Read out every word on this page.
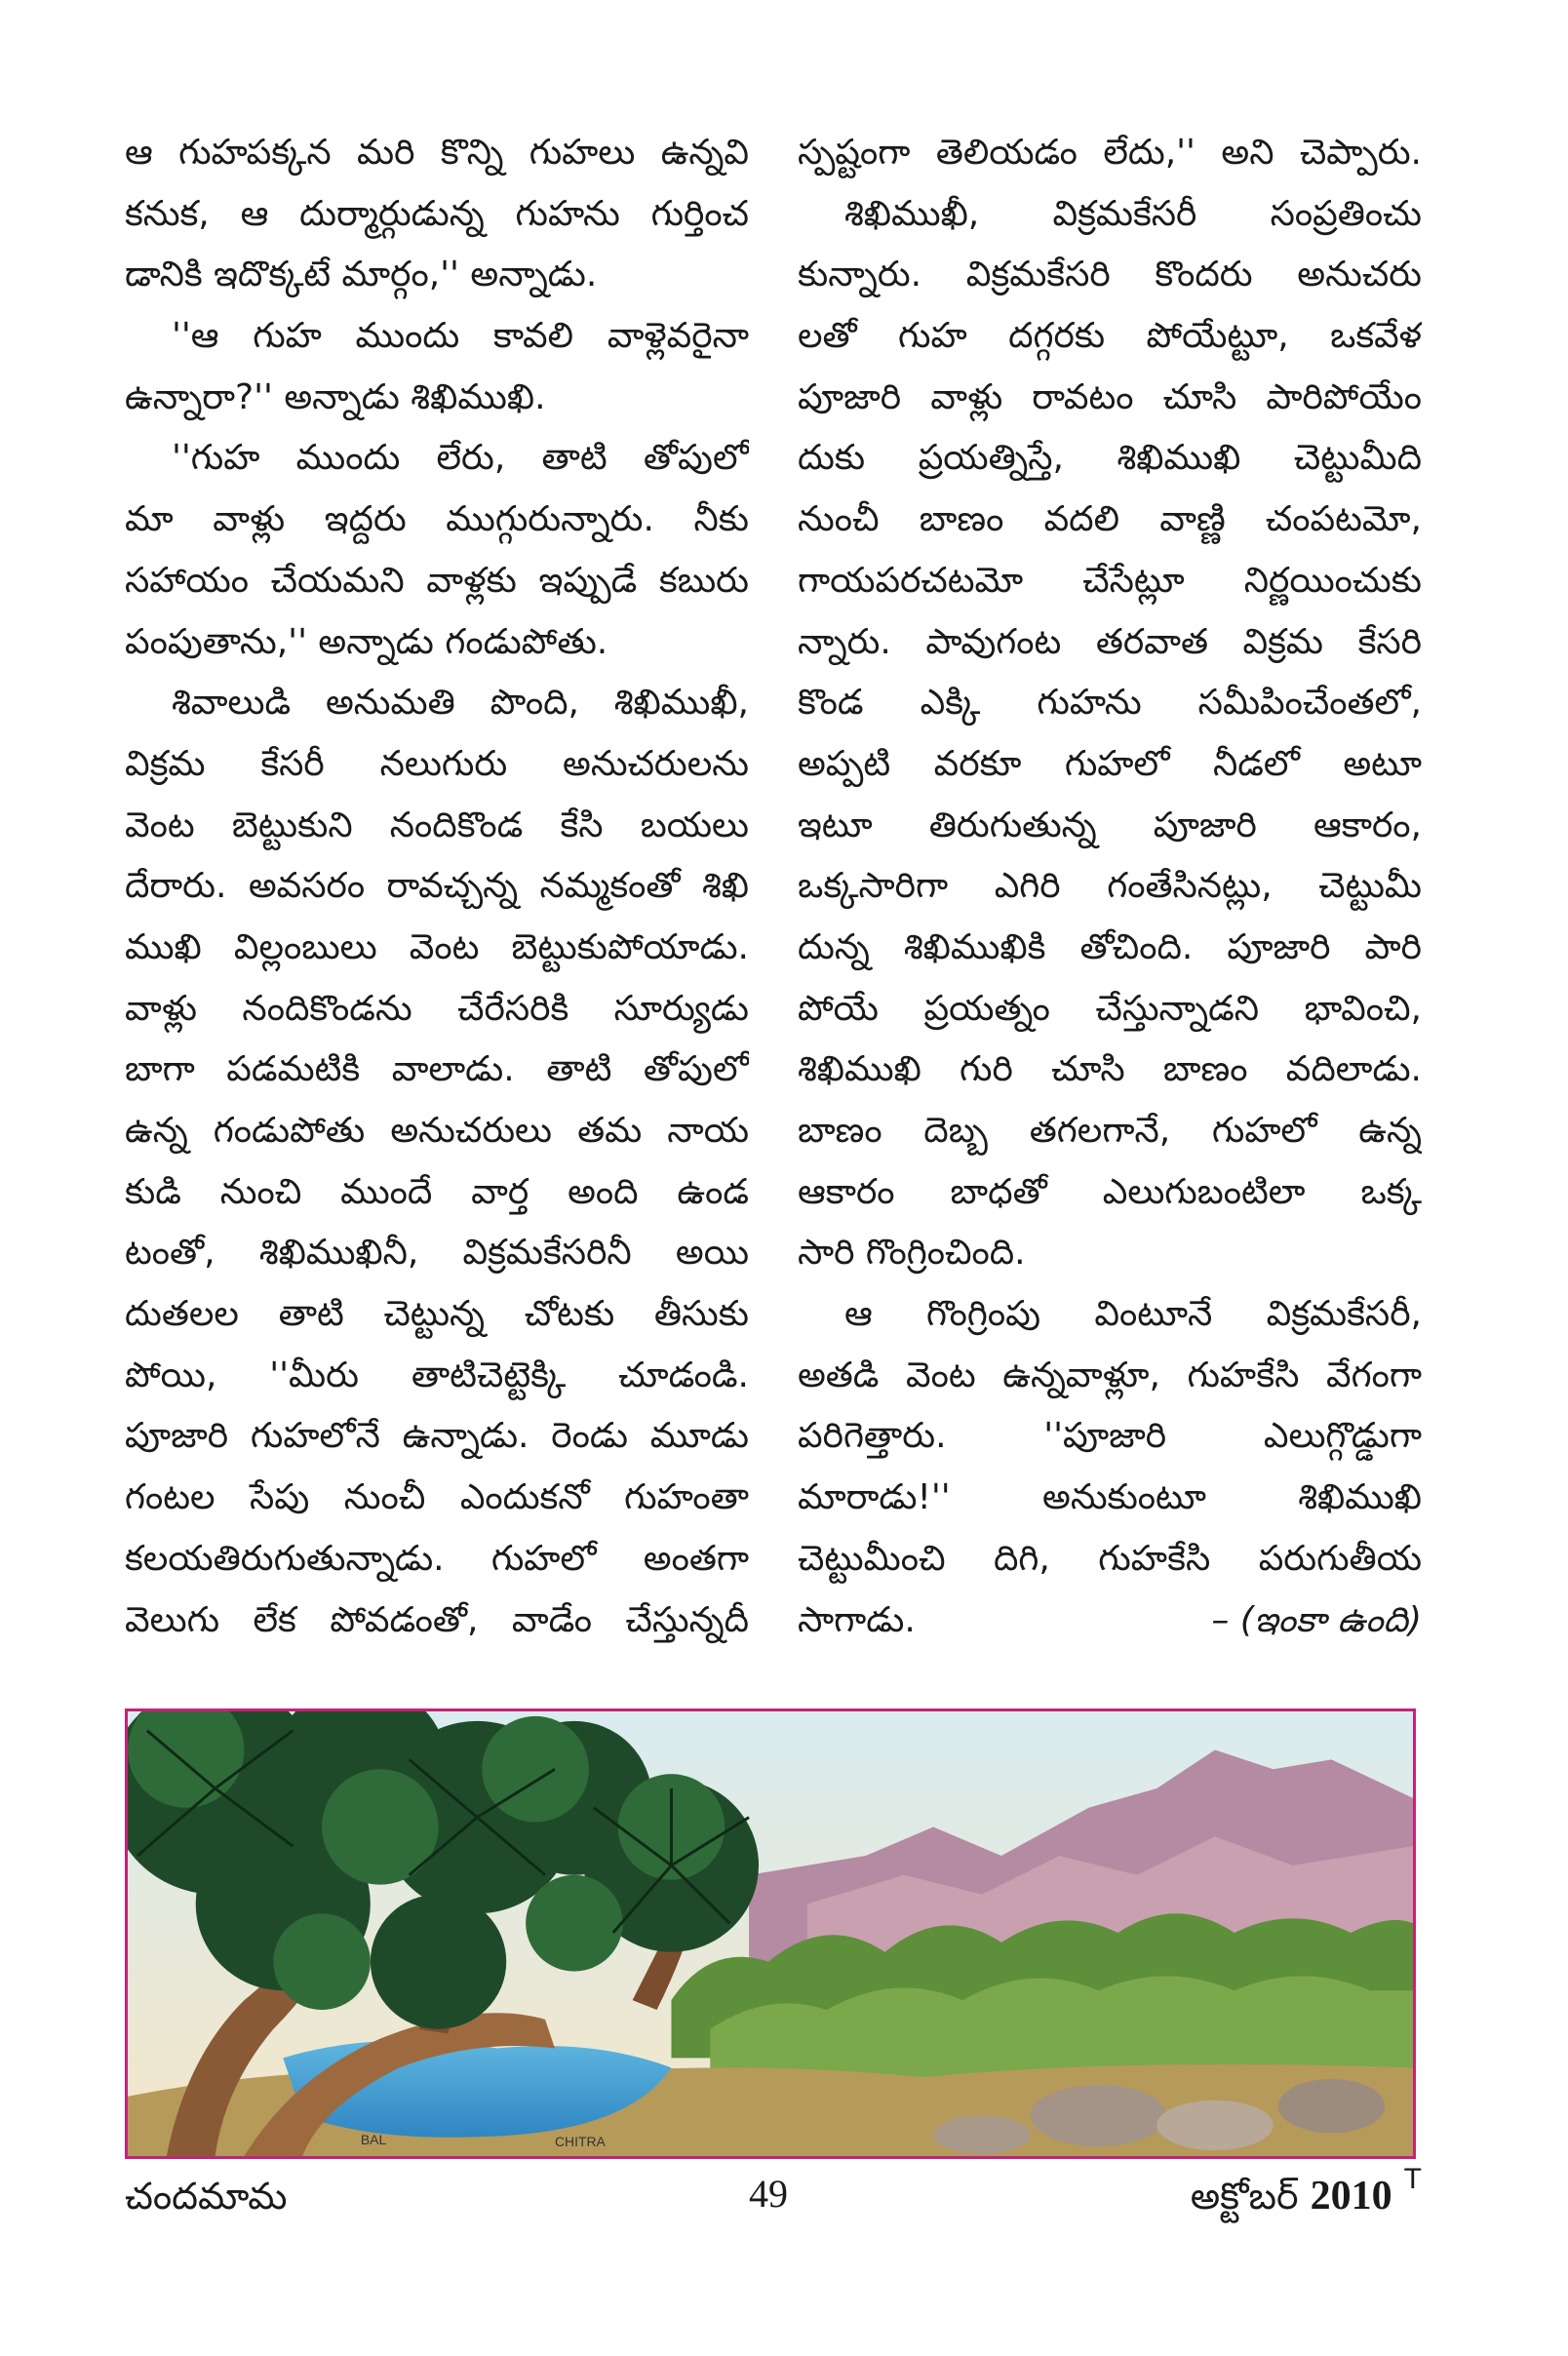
ఆ గుహపక్కన మరి కొన్ని గుహలు ఉన్నవి
కనుక, ఆ దుర్మార్గుడున్న గుహను గుర్తించ
డానికి ఇదొక్కటే మార్గం,'' అన్నాడు.
''ఆ గుహ ముందు కావలి వాళ్లెవరైనా
ఉన్నారా?'' అన్నాడు శిఖిముఖి.
''గుహ ముందు లేరు, తాటి తోపులో
మా వాళ్లు ఇద్దరు ముగ్గురున్నారు. నీకు
సహాయం చేయమని వాళ్లకు ఇప్పుడే కబురు
పంపుతాను,'' అన్నాడు గండుపోతు.
శివాలుడి అనుమతి పొంది, శిఖిముఖీ,
విక్రమ కేసరీ నలుగురు అనుచరులను
వెంట బెట్టుకుని నందికొండ కేసి బయలు
దేరారు. అవసరం రావచ్చన్న నమ్మకంతో శిఖి
ముఖి విల్లంబులు వెంట బెట్టుకుపోయాడు.
వాళ్లు నందికొండను చేరేసరికి సూర్యుడు
బాగా పడమటికి వాలాడు. తాటి తోపులో
ఉన్న గండుపోతు అనుచరులు తమ నాయ
కుడి నుంచి ముందే వార్త అంది ఉండ
టంతో, శిఖిముఖినీ, విక్రమకేసరినీ అయి
దుతలల తాటి చెట్టున్న చోటకు తీసుకు
పోయి, ''మీరు తాటిచెట్టెక్కి చూడండి.
పూజారి గుహలోనే ఉన్నాడు. రెండు మూడు
గంటల సేపు నుంచీ ఎందుకనో గుహంతా
కలయతిరుగుతున్నాడు. గుహలో అంతగా
వెలుగు లేక పోవడంతో, వాడేం చేస్తున్నదీ
స్పష్టంగా తెలియడం లేదు,'' అని చెప్పారు.
శిఖిముఖీ, విక్రమకేసరీ సంప్రతించు
కున్నారు. విక్రమకేసరి కొందరు అనుచరు
లతో గుహ దగ్గరకు పోయేట్టూ, ఒకవేళ
పూజారి వాళ్లు రావటం చూసి పారిపోయేం
దుకు ప్రయత్నిస్తే, శిఖిముఖి చెట్టుమీది
నుంచీ బాణం వదలి వాణ్ణి చంపటమో,
గాయపరచటమో చేసేట్లూ నిర్ణయించుకు
న్నారు. పావుగంట తరవాత విక్రమ కేసరి
కొండ ఎక్కి గుహను సమీపించేంతలో,
అప్పటి వరకూ గుహలో నీడలో అటూ
ఇటూ తిరుగుతున్న పూజారి ఆకారం,
ఒక్కసారిగా ఎగిరి గంతేసినట్లు, చెట్టుమీ
దున్న శిఖిముఖికి తోచింది. పూజారి పారి
పోయే ప్రయత్నం చేస్తున్నాడని భావించి,
శిఖిముఖి గురి చూసి బాణం వదిలాడు.
బాణం దెబ్బ తగలగానే, గుహలో ఉన్న
ఆకారం బాధతో ఎలుగుబంటిలా ఒక్క
సారి గొంగ్రించింది.
ఆ గొంగ్రింపు వింటూనే విక్రమకేసరీ,
అతడి వెంట ఉన్నవాళ్లూ, గుహకేసి వేగంగా
పరిగెత్తారు. ''పూజారి ఎలుగ్గొడ్డుగా
మారాడు!'' అనుకుంటూ శిఖిముఖి
చెట్టుమీంచి దిగి, గుహకేసి పరుగుతీయ
సాగాడు.	– (ఇంకా ఉంది)
BAL	CHITRA
చందమామ	49	అక్టోబర్ 2010 $^T$
